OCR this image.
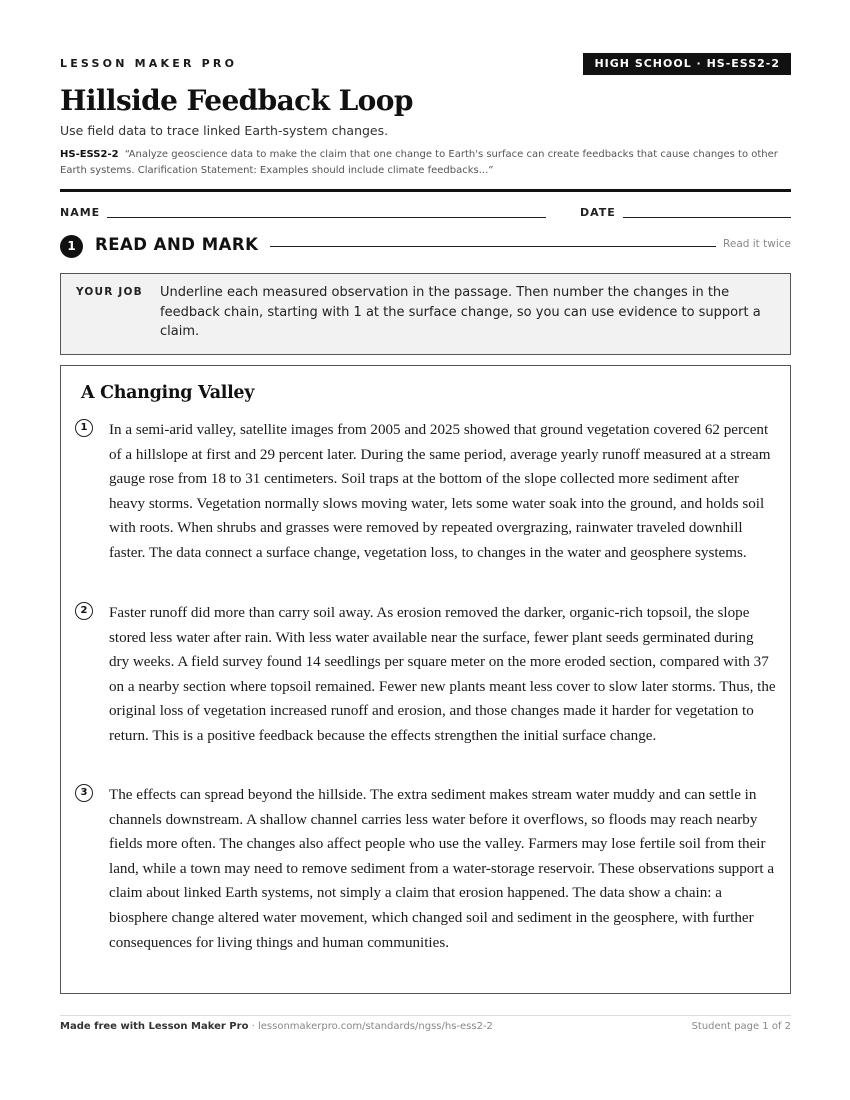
LESSON MAKER PRO	HIGH SCHOOL · HS-ESS2-2
Hillside Feedback Loop
Use field data to trace linked Earth-system changes.
HS-ESS2-2 “Analyze geoscience data to make the claim that one change to Earth's surface can create feedbacks that cause changes to other Earth systems. Clarification Statement: Examples should include climate feedbacks...”
NAME	DATE
1	READ AND MARK	Read it twice
YOUR JOB Underline each measured observation in the passage. Then number the changes in the feedback chain, starting with 1 at the surface change, so you can use evidence to support a claim.
A Changing Valley
1	In a semi-arid valley, satellite images from 2005 and 2025 showed that ground vegetation covered 62 percent of a hillslope at first and 29 percent later. During the same period, average yearly runoff measured at a stream gauge rose from 18 to 31 centimeters. Soil traps at the bottom of the slope collected more sediment after heavy storms. Vegetation normally slows moving water, lets some water soak into the ground, and holds soil with roots. When shrubs and grasses were removed by repeated overgrazing, rainwater traveled downhill faster. The data connect a surface change, vegetation loss, to changes in the water and geosphere systems.

2	Faster runoff did more than carry soil away. As erosion removed the darker, organic-rich topsoil, the slope stored less water after rain. With less water available near the surface, fewer plant seeds germinated during dry weeks. A field survey found 14 seedlings per square meter on the more eroded section, compared with 37 on a nearby section where topsoil remained. Fewer new plants meant less cover to slow later storms. Thus, the original loss of vegetation increased runoff and erosion, and those changes made it harder for vegetation to return. This is a positive feedback because the effects strengthen the initial surface change.

3	The effects can spread beyond the hillside. The extra sediment makes stream water muddy and can settle in channels downstream. A shallow channel carries less water before it overflows, so floods may reach nearby fields more often. The changes also affect people who use the valley. Farmers may lose fertile soil from their land, while a town may need to remove sediment from a water-storage reservoir. These observations support a claim about linked Earth systems, not simply a claim that erosion happened. The data show a chain: a biosphere change altered water movement, which changed soil and sediment in the geosphere, with further consequences for living things and human communities.

Made free with Lesson Maker Pro · lessonmakerpro.com/standards/ngss/hs-ess2-2	Student page 1 of 2
